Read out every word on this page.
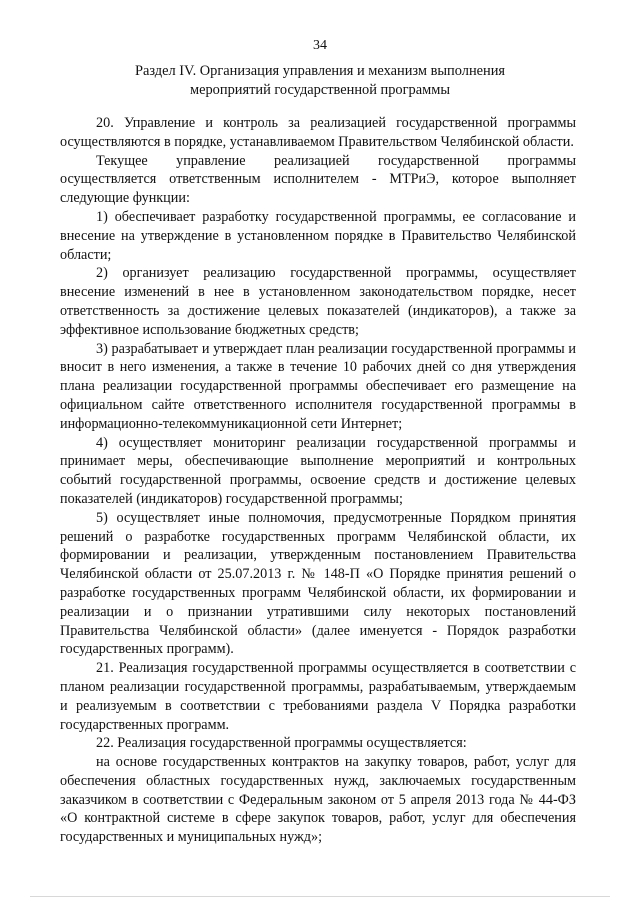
34
Раздел IV. Организация управления и механизм выполнения
мероприятий государственной программы

20. Управление и контроль за реализацией государственной программы осуществляются в порядке, устанавливаемом Правительством Челябинской области.

Текущее управление реализацией государственной программы осуществляется ответственным исполнителем - МТРиЭ, которое выполняет следующие функции:

1) обеспечивает разработку государственной программы, ее согласование и внесение на утверждение в установленном порядке в Правительство Челябинской области;

2) организует реализацию государственной программы, осуществляет внесение изменений в нее в установленном законодательством порядке, несет ответственность за достижение целевых показателей (индикаторов), а также за эффективное использование бюджетных средств;

3) разрабатывает и утверждает план реализации государственной программы и вносит в него изменения, а также в течение 10 рабочих дней со дня утверждения плана реализации государственной программы обеспечивает его размещение на официальном сайте ответственного исполнителя государственной программы в информационно-телекоммуникационной сети Интернет;

4) осуществляет мониторинг реализации государственной программы и принимает меры, обеспечивающие выполнение мероприятий и контрольных событий государственной программы, освоение средств и достижение целевых показателей (индикаторов) государственной программы;

5) осуществляет иные полномочия, предусмотренные Порядком принятия решений о разработке государственных программ Челябинской области, их формировании и реализации, утвержденным постановлением Правительства Челябинской области от 25.07.2013 г. № 148-П «О Порядке принятия решений о разработке государственных программ Челябинской области, их формировании и реализации и о признании утратившими силу некоторых постановлений Правительства Челябинской области» (далее именуется - Порядок разработки государственных программ).

21. Реализация государственной программы осуществляется в соответствии с планом реализации государственной программы, разрабатываемым, утверждаемым и реализуемым в соответствии с требованиями раздела V Порядка разработки государственных программ.

22. Реализация государственной программы осуществляется:

на основе государственных контрактов на закупку товаров, работ, услуг для обеспечения областных государственных нужд, заключаемых государственным заказчиком в соответствии с Федеральным законом от 5 апреля 2013 года № 44-ФЗ «О контрактной системе в сфере закупок товаров, работ, услуг для обеспечения государственных и муниципальных нужд»;
